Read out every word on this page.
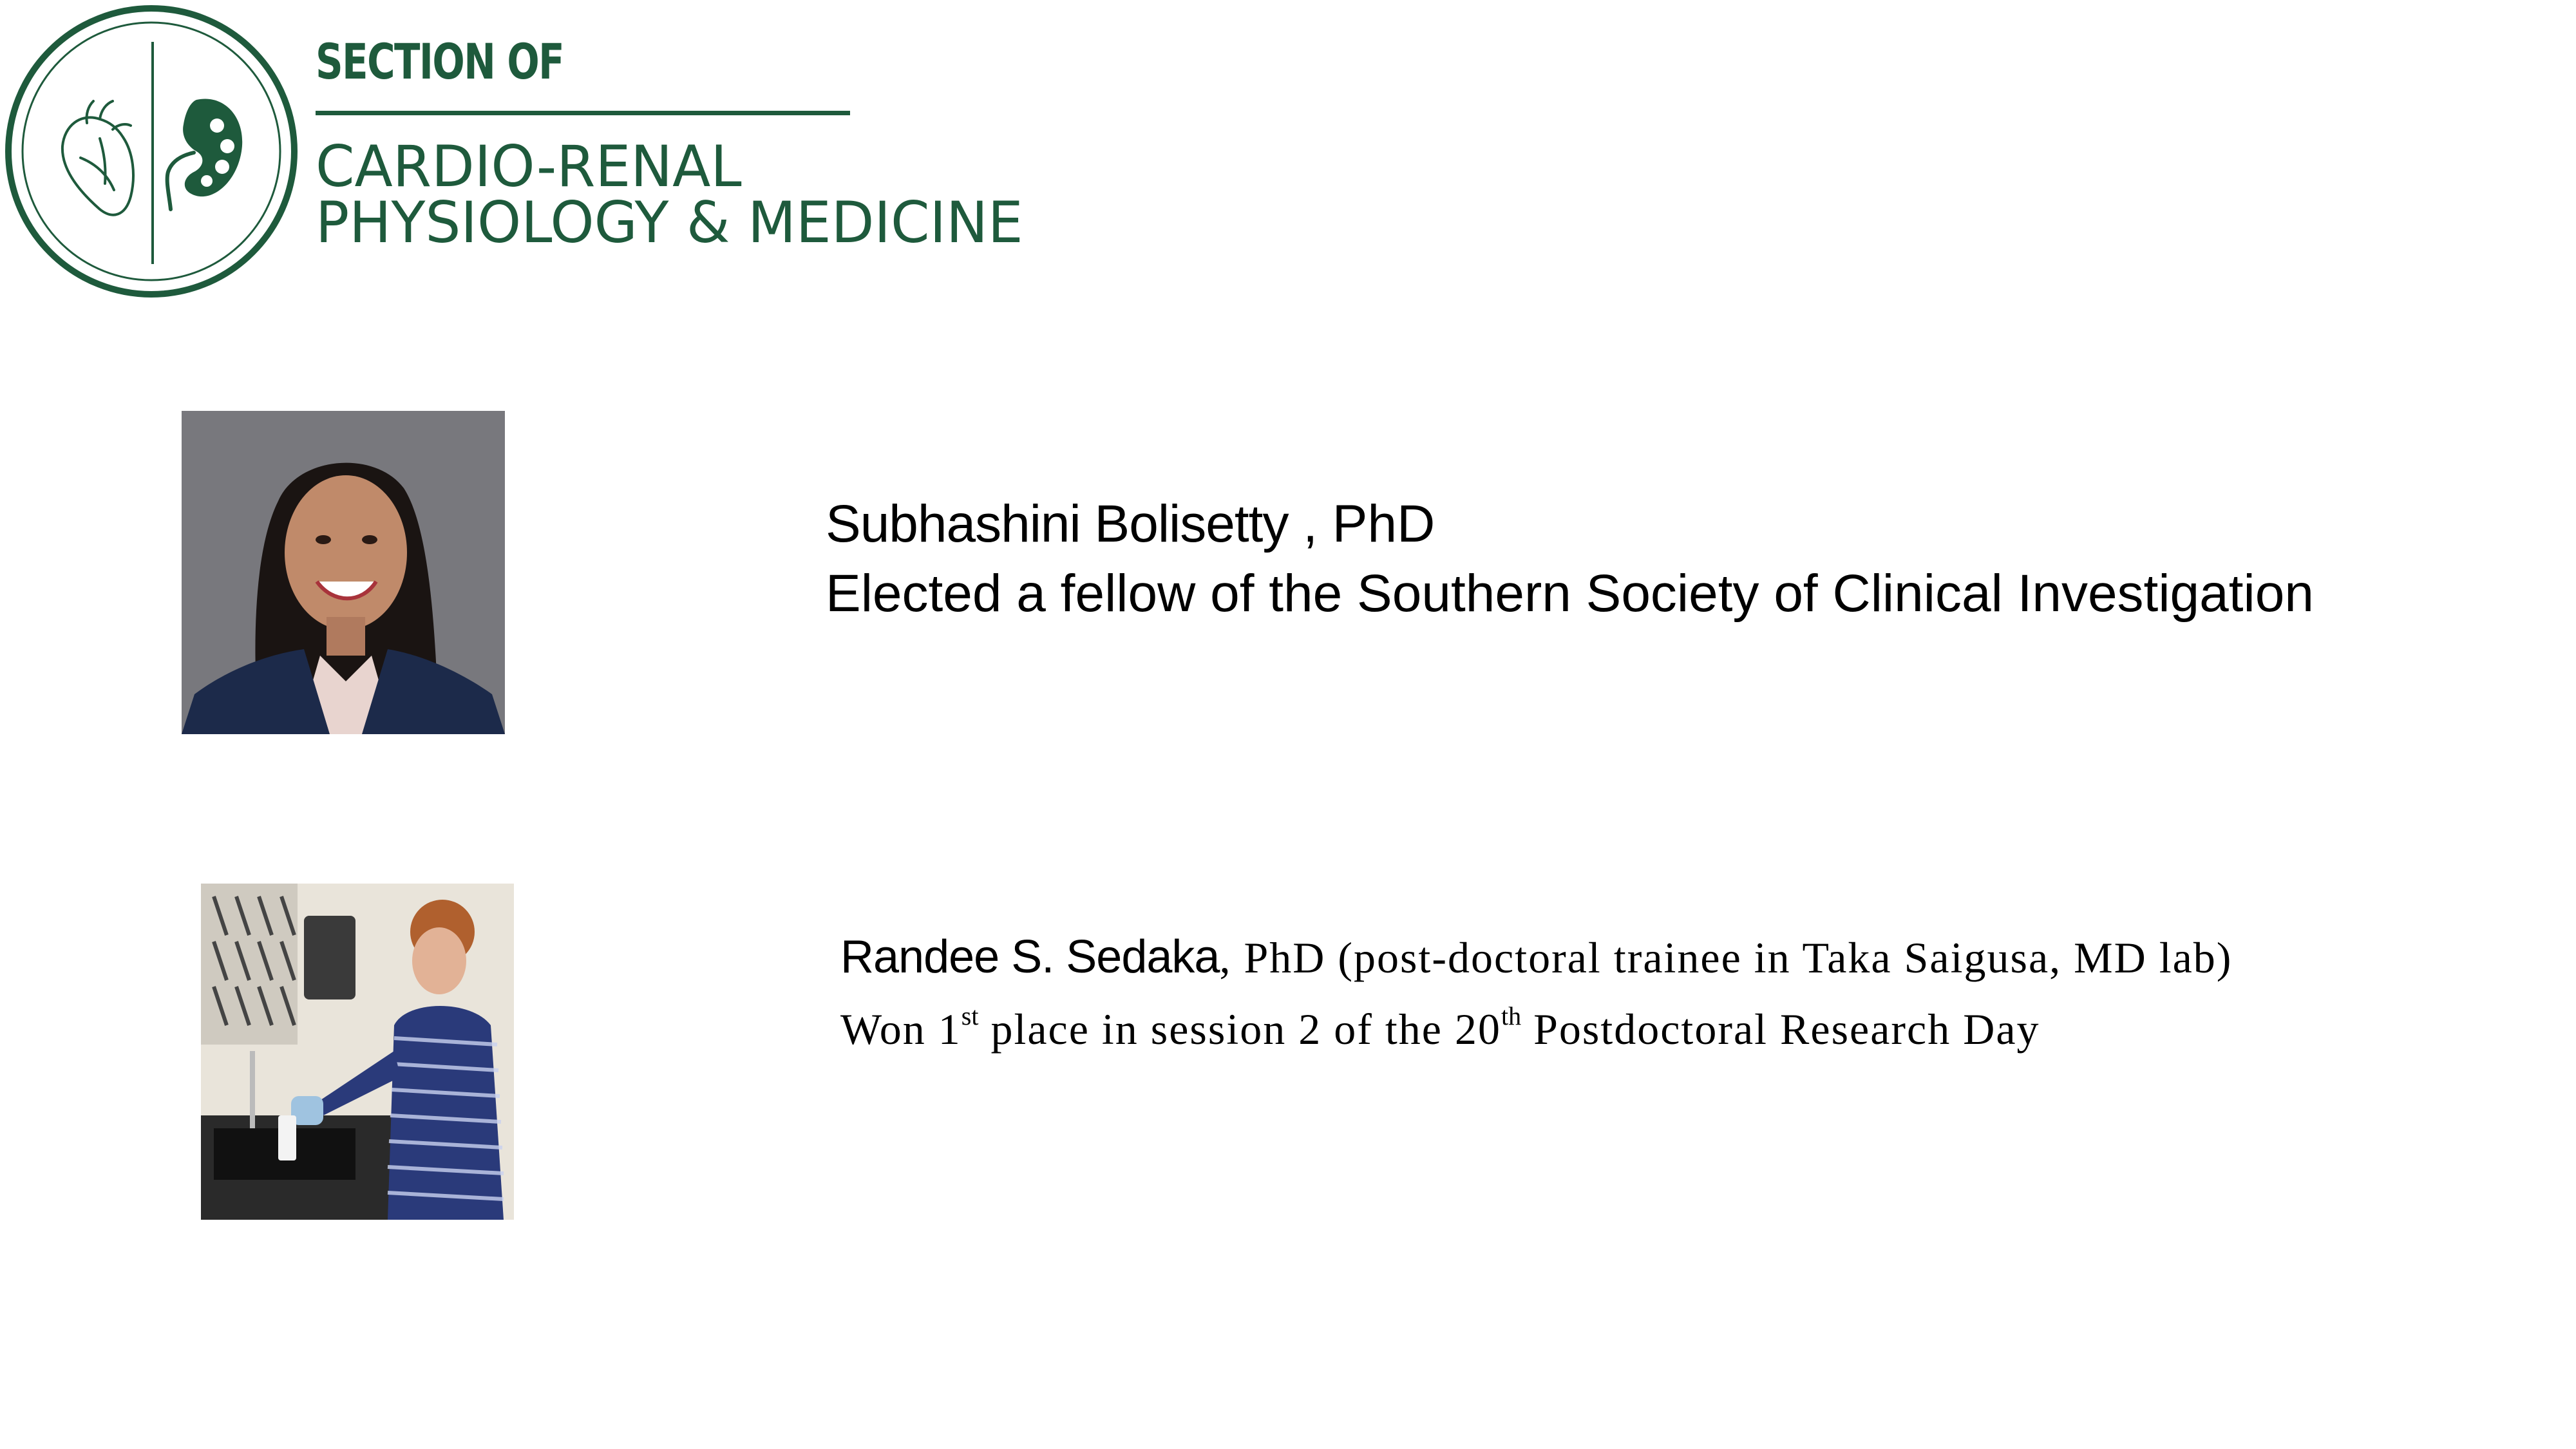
SECTION OF

CARDIO-RENAL

PHYSIOLOGY & MEDICINE

Subhashini Bolisetty , PhD
Elected a fellow of the Southern Society of Clinical Investigation
Randee S. Sedaka, PhD (post-doctoral trainee in Taka Saigusa, MD lab)
Won 1st place in session 2 of the 20th Postdoctoral Research Day
